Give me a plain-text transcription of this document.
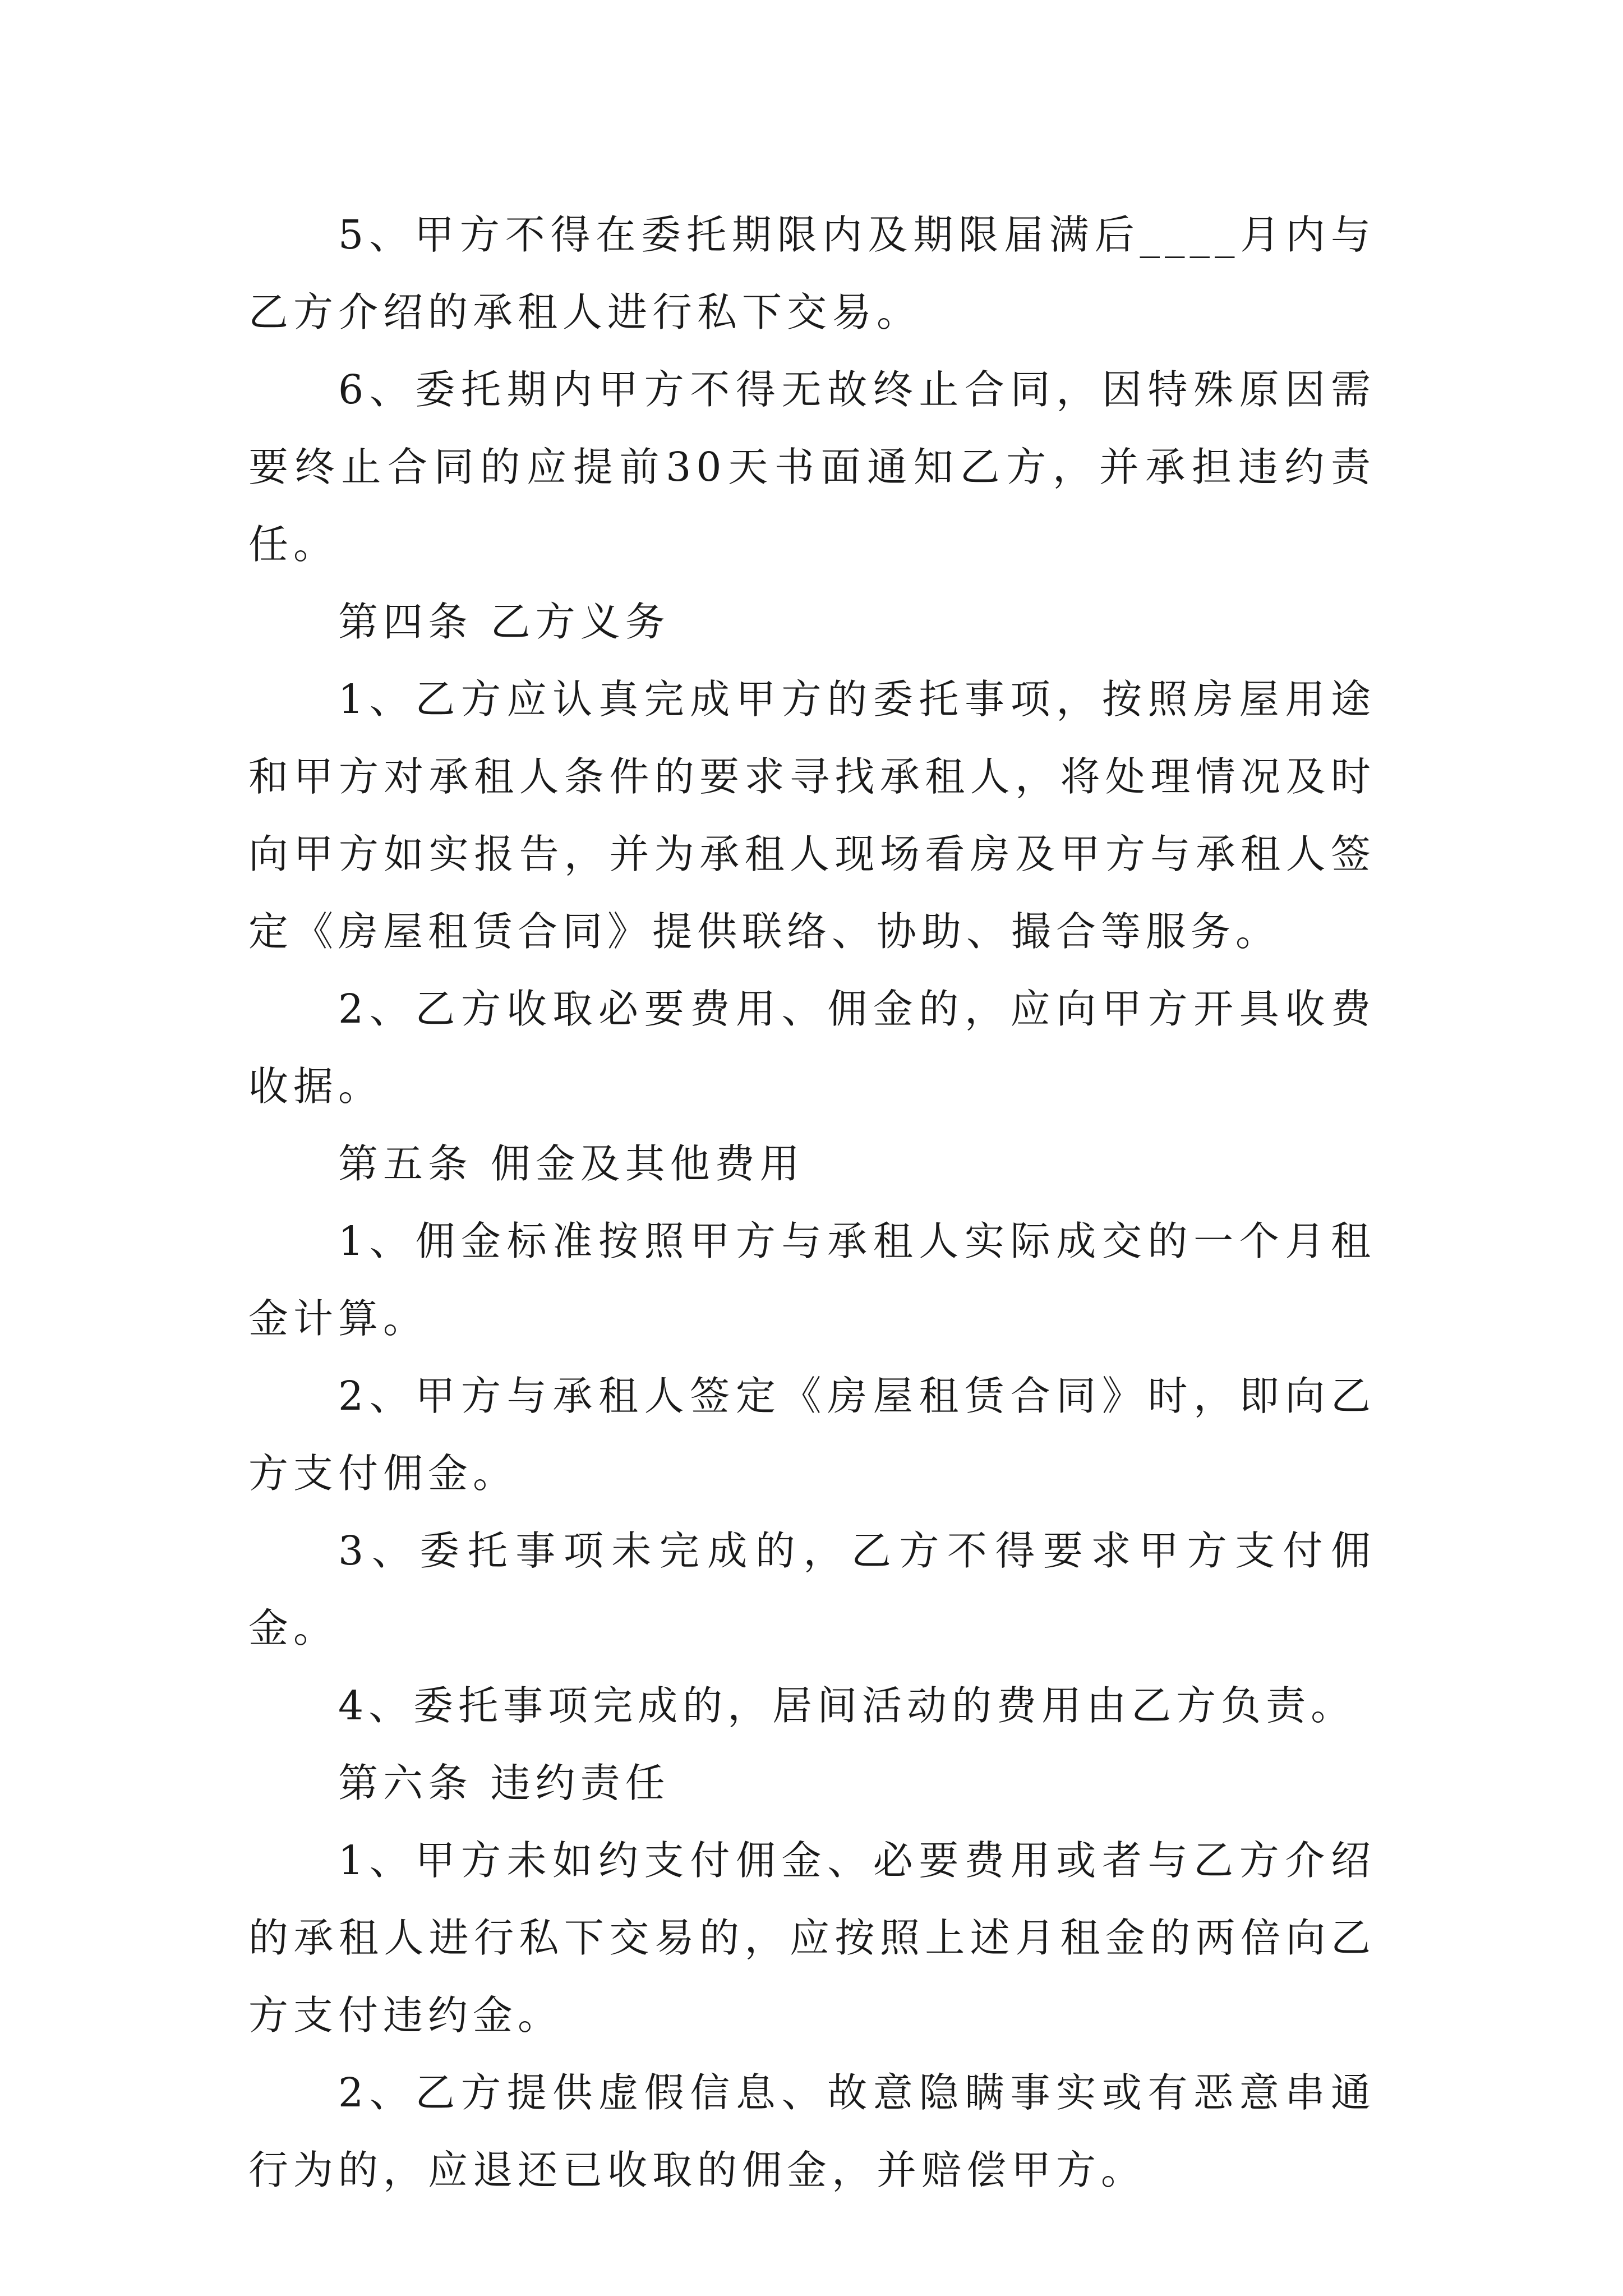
5、甲方不得在委托期限内及期限届满后____月内与乙方介绍的承租人进行私下交易。

6、委托期内甲方不得无故终止合同，因特殊原因需要终止合同的应提前30天书面通知乙方，并承担违约责任。

第四条 乙方义务

1、乙方应认真完成甲方的委托事项，按照房屋用途和甲方对承租人条件的要求寻找承租人，将处理情况及时向甲方如实报告，并为承租人现场看房及甲方与承租人签定《房屋租赁合同》提供联络、协助、撮合等服务。

2、乙方收取必要费用、佣金的，应向甲方开具收费收据。

第五条 佣金及其他费用

1、佣金标准按照甲方与承租人实际成交的一个月租金计算。

2、甲方与承租人签定《房屋租赁合同》时，即向乙方支付佣金。

3、委托事项未完成的，乙方不得要求甲方支付佣金。

4、委托事项完成的，居间活动的费用由乙方负责。

第六条 违约责任

1、甲方未如约支付佣金、必要费用或者与乙方介绍的承租人进行私下交易的，应按照上述月租金的两倍向乙方支付违约金。

2、乙方提供虚假信息、故意隐瞒事实或有恶意串通行为的，应退还已收取的佣金，并赔偿甲方。
